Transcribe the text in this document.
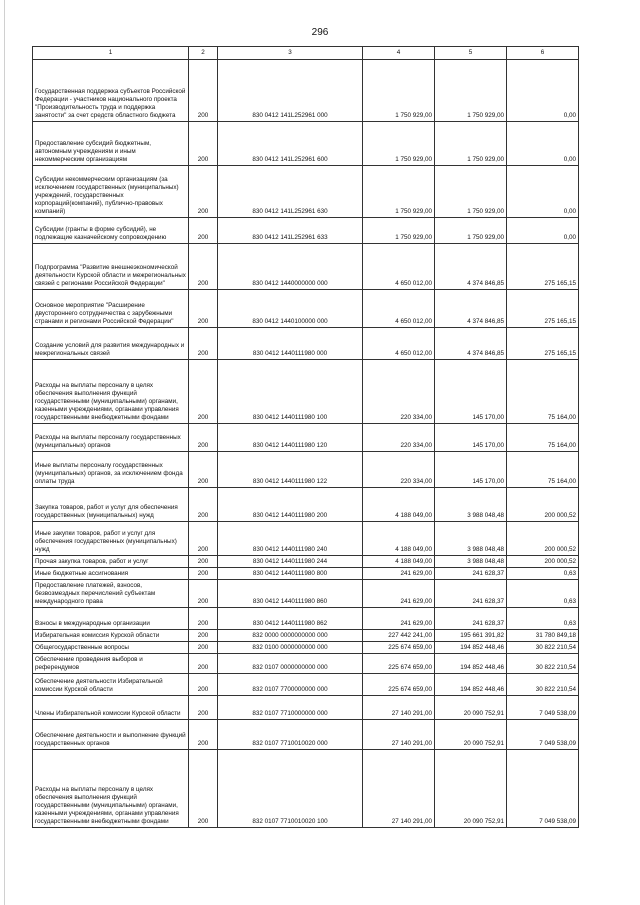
296
1	2	3	4	5	6
Государственная поддержка субъектов Российской Федерации - участников национального проекта "Производительность труда и поддержка занятости" за счет средств областного бюджета	200	830 0412 141L252961 000	1 750 929,00	1 750 929,00	0,00
Предоставление субсидий бюджетным, автономным учреждениям и иным некоммерческим организациям	200	830 0412 141L252961 600	1 750 929,00	1 750 929,00	0,00
Субсидии некоммерческим организациям (за исключением государственных (муниципальных) учреждений, государственных корпораций(компаний), публично-правовых компаний)	200	830 0412 141L252961 630	1 750 929,00	1 750 929,00	0,00
Субсидии (гранты в форме субсидий), не подлежащие казначейскому сопровождению	200	830 0412 141L252961 633	1 750 929,00	1 750 929,00	0,00
Подпрограмма "Развитие внешнеэкономической деятельности Курской области и межрегиональных связей с регионами Российской Федерации"	200	830 0412 1440000000 000	4 650 012,00	4 374 846,85	275 165,15
Основное мероприятие "Расширение двустороннего сотрудничества с зарубежными странами и регионами Российской Федерации"	200	830 0412 1440100000 000	4 650 012,00	4 374 846,85	275 165,15
Создание условий для развития международных и межрегиональных связей	200	830 0412 1440111980 000	4 650 012,00	4 374 846,85	275 165,15
Расходы на выплаты персоналу в целях обеспечения выполнения функций государственными (муниципальными) органами, казенными учреждениями, органами управления государственными внебюджетными фондами	200	830 0412 1440111980 100	220 334,00	145 170,00	75 164,00
Расходы на выплаты персоналу государственных (муниципальных) органов	200	830 0412 1440111980 120	220 334,00	145 170,00	75 164,00
Иные выплаты персоналу государственных (муниципальных) органов, за исключением фонда оплаты труда	200	830 0412 1440111980 122	220 334,00	145 170,00	75 164,00
Закупка товаров, работ и услуг для обеспечения государственных (муниципальных) нужд	200	830 0412 1440111980 200	4 188 049,00	3 988 048,48	200 000,52
Иные закупки товаров, работ и услуг для обеспечения государственных (муниципальных) нужд	200	830 0412 1440111980 240	4 188 049,00	3 988 048,48	200 000,52
Прочая закупка товаров, работ и услуг	200	830 0412 1440111980 244	4 188 049,00	3 988 048,48	200 000,52
Иные бюджетные ассигнования	200	830 0412 1440111980 800	241 629,00	241 628,37	0,63
Предоставление платежей, взносов, безвозмездных перечислений субъектам международного права	200	830 0412 1440111980 860	241 629,00	241 628,37	0,63
Взносы в международные организации	200	830 0412 1440111980 862	241 629,00	241 628,37	0,63
Избирательная комиссия Курской области	200	832 0000 0000000000 000	227 442 241,00	195 661 391,82	31 780 849,18
Общегосударственные вопросы	200	832 0100 0000000000 000	225 674 659,00	194 852 448,46	30 822 210,54
Обеспечение проведения выборов и референдумов	200	832 0107 0000000000 000	225 674 659,00	194 852 448,46	30 822 210,54
Обеспечение деятельности Избирательной комиссии Курской области	200	832 0107 7700000000 000	225 674 659,00	194 852 448,46	30 822 210,54
Члены Избирательной комиссии Курской области	200	832 0107 7710000000 000	27 140 291,00	20 090 752,91	7 049 538,09
Обеспечение деятельности и выполнение функций государственных органов	200	832 0107 7710010020 000	27 140 291,00	20 090 752,91	7 049 538,09
Расходы на выплаты персоналу в целях обеспечения выполнения функций государственными (муниципальными) органами, казенными учреждениями, органами управления государственными внебюджетными фондами	200	832 0107 7710010020 100	27 140 291,00	20 090 752,91	7 049 538,09
